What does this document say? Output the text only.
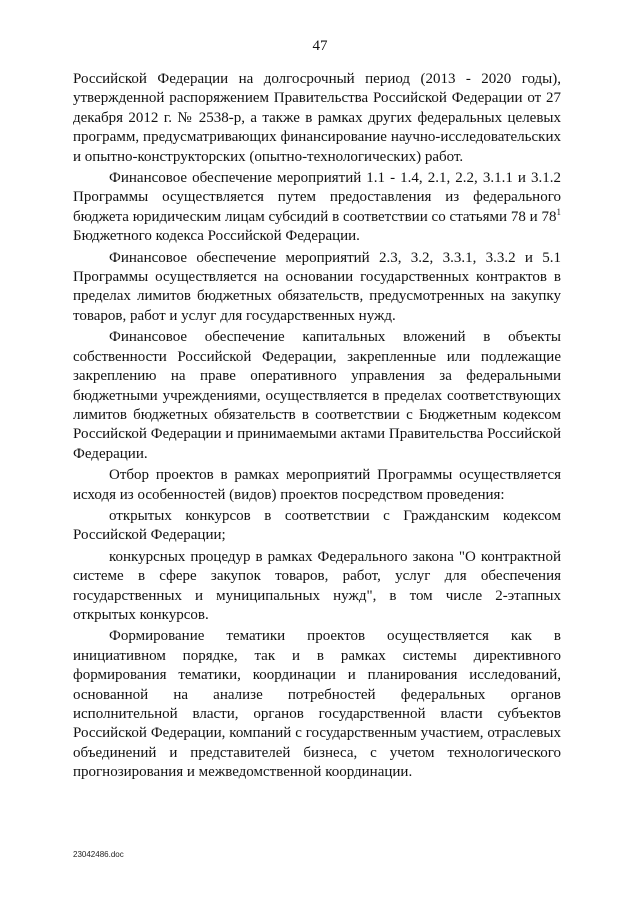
47

Российской Федерации на долгосрочный период (2013 - 2020 годы), утвержденной распоряжением Правительства Российской Федерации от 27 декабря 2012 г. № 2538-р, а также в рамках других федеральных целевых программ, предусматривающих финансирование научно-исследовательских и опытно-конструкторских (опытно-технологических) работ.

Финансовое обеспечение мероприятий 1.1 - 1.4, 2.1, 2.2, 3.1.1 и 3.1.2 Программы осуществляется путем предоставления из федерального бюджета юридическим лицам субсидий в соответствии со статьями 78 и $78^1$ Бюджетного кодекса Российской Федерации.

Финансовое обеспечение мероприятий 2.3, 3.2, 3.3.1, 3.3.2 и 5.1 Программы осуществляется на основании государственных контрактов в пределах лимитов бюджетных обязательств, предусмотренных на закупку товаров, работ и услуг для государственных нужд.

Финансовое обеспечение капитальных вложений в объекты собственности Российской Федерации, закрепленные или подлежащие закреплению на праве оперативного управления за федеральными бюджетными учреждениями, осуществляется в пределах соответствующих лимитов бюджетных обязательств в соответствии с Бюджетным кодексом Российской Федерации и принимаемыми актами Правительства Российской Федерации.

Отбор проектов в рамках мероприятий Программы осуществляется исходя из особенностей (видов) проектов посредством проведения:

открытых конкурсов в соответствии с Гражданским кодексом Российской Федерации;

конкурсных процедур в рамках Федерального закона "О контрактной системе в сфере закупок товаров, работ, услуг для обеспечения государственных и муниципальных нужд", в том числе 2-этапных открытых конкурсов.

Формирование тематики проектов осуществляется как в инициативном порядке, так и в рамках системы директивного формирования тематики, координации и планирования исследований, основанной на анализе потребностей федеральных органов исполнительной власти, органов государственной власти субъектов Российской Федерации, компаний с государственным участием, отраслевых объединений и представителей бизнеса, с учетом технологического прогнозирования и межведомственной координации.

23042486.doc
